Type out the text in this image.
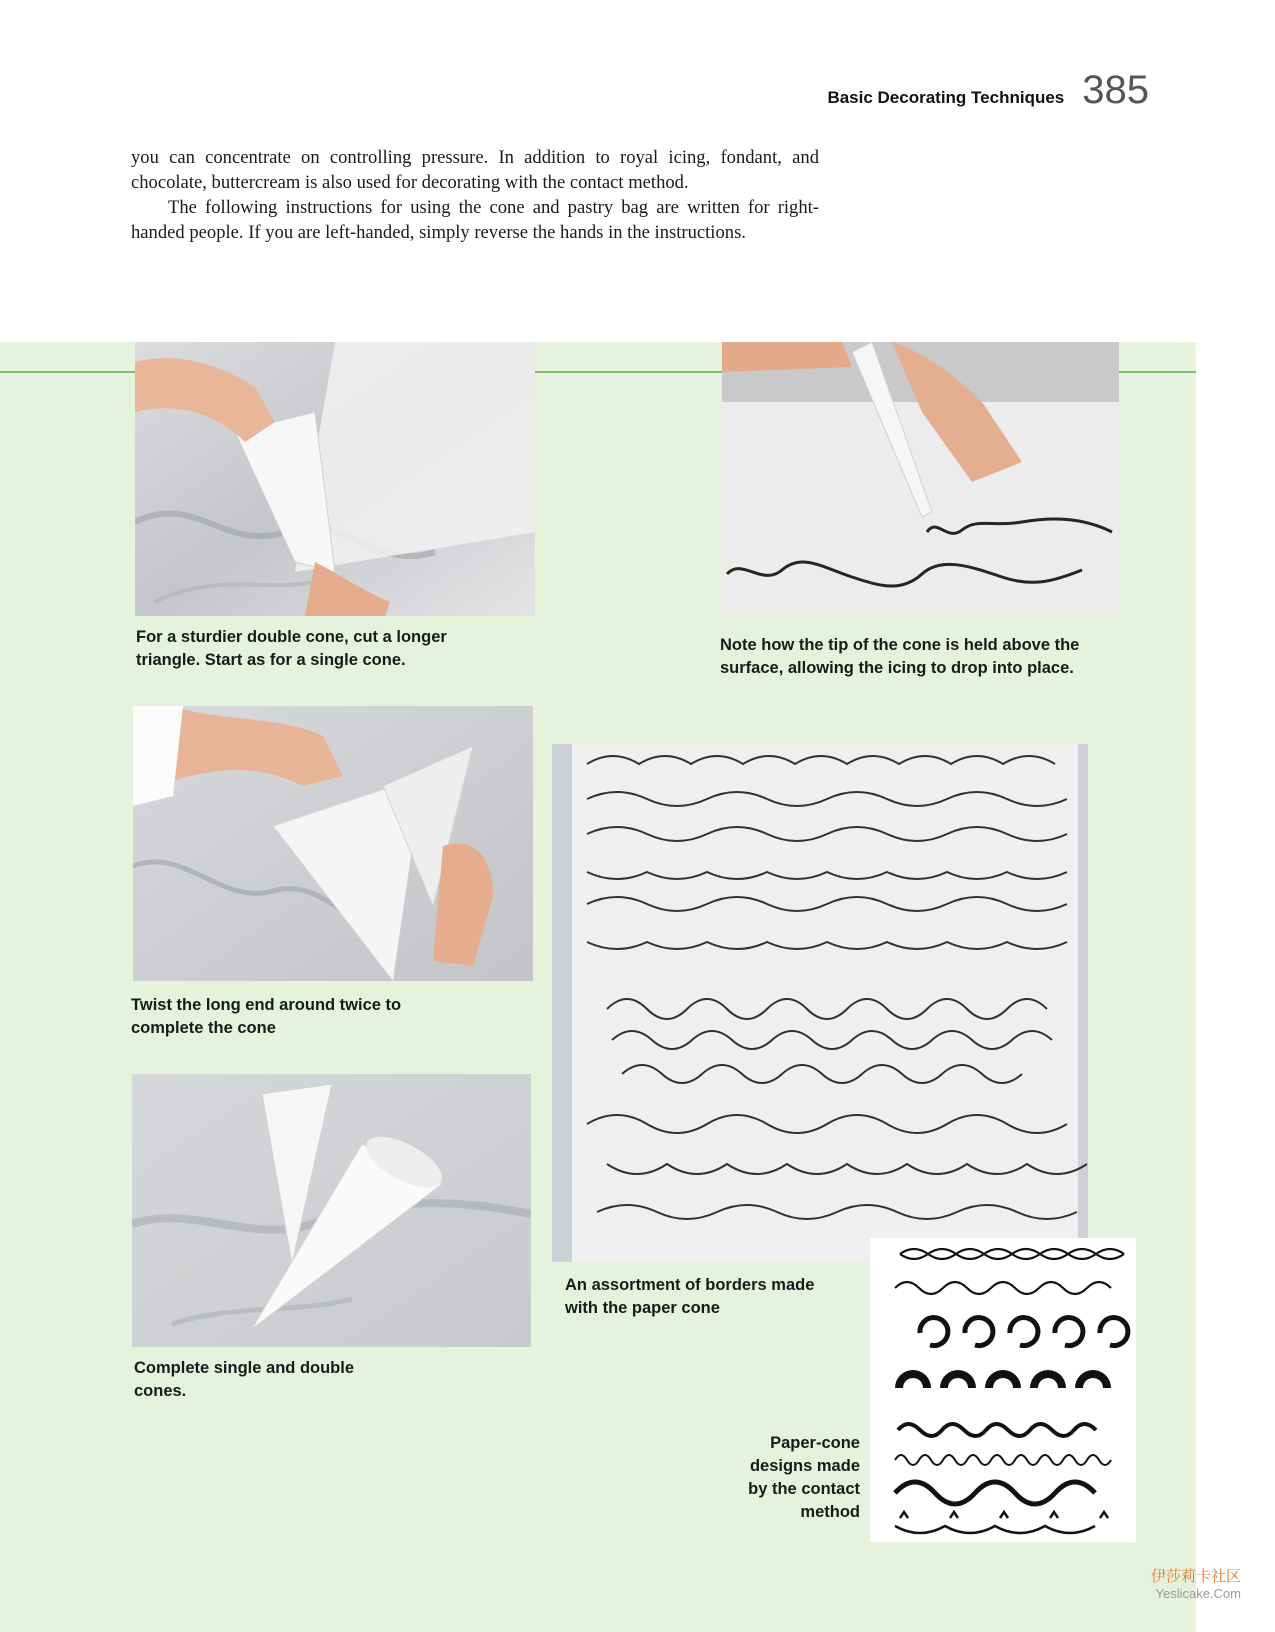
Basic Decorating Techniques 385

you can concentrate on controlling pressure. In addition to royal icing, fondant, and chocolate, buttercream is also used for decorating with the contact method.

The following instructions for using the cone and pastry bag are written for right-handed people. If you are left-handed, simply reverse the hands in the instructions.

For a sturdier double cone, cut a longer
triangle. Start as for a single cone.
Note how the tip of the cone is held above the
surface, allowing the icing to drop into place.
Twist the long end around twice to
complete the cone
An assortment of borders made
with the paper cone
Complete single and double
cones.
Paper-cone
designs made
by the contact
method
伊莎莉卡社区
Yeslicake.Com
